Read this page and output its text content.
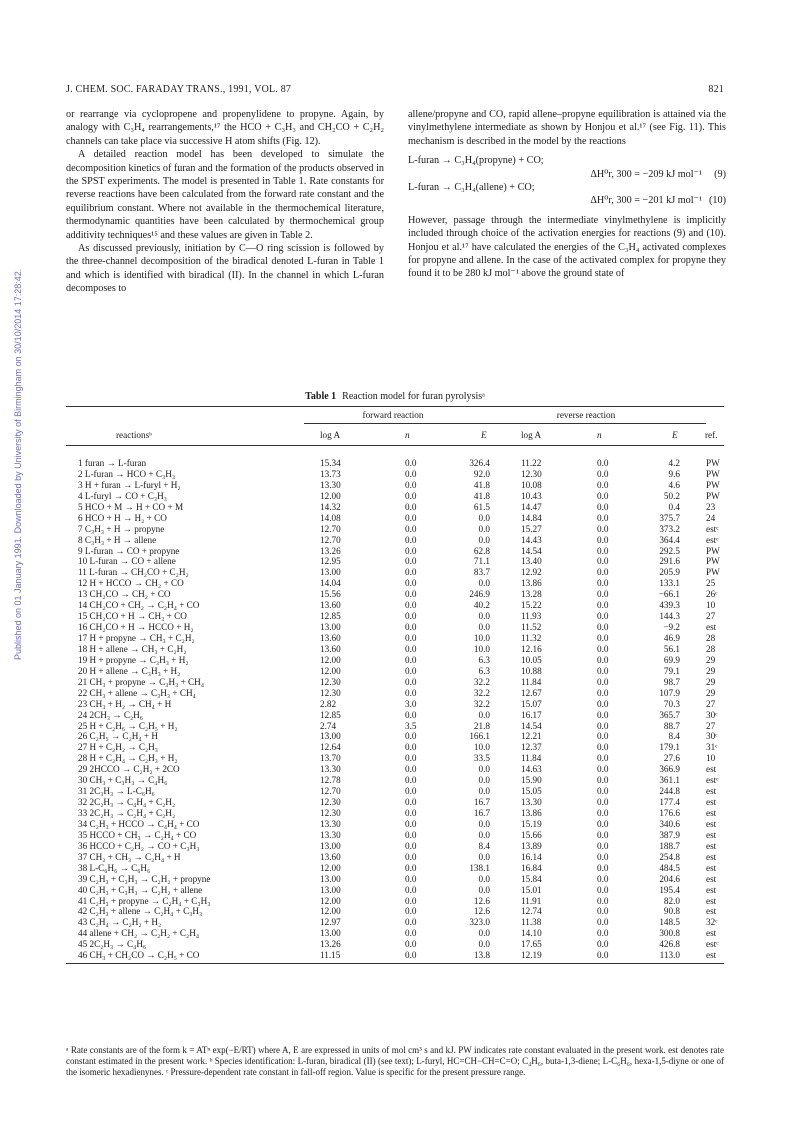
Published on 01 January 1991. Downloaded by University of Birmingham on 30/10/2014 17:28:42.
J. CHEM. SOC. FARADAY TRANS., 1991, VOL. 87	821

or rearrange via cyclopropene and propenylidene to propyne. Again, by analogy with C₃H₄ rearrangements,¹⁷ the HCO + C₃H₃ and CH₂CO + C₂H₂ channels can take place via successive H atom shifts (Fig. 12).

A detailed reaction model has been developed to simulate the decomposition kinetics of furan and the formation of the products observed in the SPST experiments. The model is presented in Table 1. Rate constants for reverse reactions have been calculated from the forward rate constant and the equilibrium constant. Where not available in the thermochemical literature, thermodynamic quantities have been calculated by thermochemical group additivity techniques¹⁵ and these values are given in Table 2.

As discussed previously, initiation by C—O ring scission is followed by the three-channel decomposition of the biradical denoted L-furan in Table 1 and which is identified with biradical (II). In the channel in which L-furan decomposes to

allene/propyne and CO, rapid allene–propyne equilibration is attained via the vinylmethylene intermediate as shown by Honjou et al.¹⁷ (see Fig. 11). This mechanism is described in the model by the reactions

L-furan → C₃H₄(propyne) + CO;

ΔH⁰r, 300 = −209 kJ mol⁻¹ (9)

L-furan → C₃H₄(allene) + CO;

ΔH⁰r, 300 = −201 kJ mol⁻¹ (10)

However, passage through the intermediate vinylmethylene is implicitly included through choice of the activation energies for reactions (9) and (10). Honjou et al.¹⁷ have calculated the energies of the C₃H₄ activated complexes for propyne and allene. In the case of the activated complex for propyne they found it to be 280 kJ mol⁻¹ above the ground state of

Table 1 Reaction model for furan pyrolysisᵃ
forward reaction	reverse reaction
reactionsᵇ	log A	n	E	log A	n	E	ref.
1 furan → L-furan	15.34	0.0	326.4	11.22	0.0	4.2	PW
2 L-furan → HCO + C₃H₃	13.73	0.0	92.0	12.30	0.0	9.6	PW
3 H + furan → L-furyl + H₂	13.30	0.0	41.8	10.08	0.0	4.6	PW
4 L-furyl → CO + C₃H₃	12.00	0.0	41.8	10.43	0.0	50.2	PW
5 HCO + M → H + CO + M	14.32	0.0	61.5	14.47	0.0	0.4	23
6 HCO + H → H₂ + CO	14.08	0.0	0.0	14.84	0.0	375.7	24
7 C₃H₃ + H → propyne	12.70	0.0	0.0	15.27	0.0	373.2	estᶜ
8 C₃H₃ + H → allene	12.70	0.0	0.0	14.43	0.0	364.4	estᶜ
9 L-furan → CO + propyne	13.26	0.0	62.8	14.54	0.0	292.5	PW
10 L-furan → CO + allene	12.95	0.0	71.1	13.40	0.0	291.6	PW
11 L-furan → CH₂CO + C₂H₂	13.00	0.0	83.7	12.92	0.0	205.9	PW
12 H + HCCO → CH₂ + CO	14.04	0.0	0.0	13.86	0.0	133.1	25
13 CH₂CO → CH₂ + CO	15.56	0.0	246.9	13.28	0.0	−66.1	26ᶜ
14 CH₂CO + CH₂ → C₂H₄ + CO	13.60	0.0	40.2	15.22	0.0	439.3	10
15 CH₂CO + H → CH₃ + CO	12.85	0.0	0.0	11.93	0.0	144.3	27
16 CH₂CO + H → HCCO + H₂	13.00	0.0	0.0	11.52	0.0	−9.2	est
17 H + propyne → CH₃ + C₂H₂	13.60	0.0	10.0	11.32	0.0	46.9	28
18 H + allene → CH₃ + C₂H₂	13.60	0.0	10.0	12.16	0.0	56.1	28
19 H + propyne → C₃H₃ + H₂	12.00	0.0	6.3	10.05	0.0	69.9	29
20 H + allene → C₃H₃ + H₂	12.00	0.0	6.3	10.88	0.0	79.1	29
21 CH₃ + propyne → C₃H₃ + CH₄	12.30	0.0	32.2	11.84	0.0	98.7	29
22 CH₃ + allene → C₃H₃ + CH₄	12.30	0.0	32.2	12.67	0.0	107.9	29
23 CH₃ + H₂ → CH₄ + H	2.82	3.0	32.2	15.07	0.0	70.3	27
24 2CH₃ → C₂H₆	12.85	0.0	0.0	16.17	0.0	365.7	30ᶜ
25 H + C₂H₆ → C₂H₅ + H₂	2.74	3.5	21.8	14.54	0.0	88.7	27
26 C₂H₅ → C₂H₄ + H	13.00	0.0	166.1	12.21	0.0	8.4	30ᶜ
27 H + C₂H₂ → C₂H₃	12.64	0.0	10.0	12.37	0.0	179.1	31ᶜ
28 H + C₂H₄ → C₂H₃ + H₂	13.70	0.0	33.5	11.84	0.0	27.6	10
29 2HCCO → C₂H₂ + 2CO	13.30	0.0	0.0	14.63	0.0	366.9	est
30 CH₃ + C₃H₃ → C₄H₆	12.78	0.0	0.0	15.90	0.0	361.1	estᶜ
31 2C₃H₃ → L-C₆H₆	12.70	0.0	0.0	15.05	0.0	244.8	est
32 2C₂H₃ → C₄H₄ + C₂H₂	12.30	0.0	16.7	13.30	0.0	177.4	est
33 2C₂H₃ → C₂H₄ + C₂H₂	12.30	0.0	16.7	13.86	0.0	176.6	est
34 C₂H₃ + HCCO → C₄H₄ + CO	13.30	0.0	0.0	15.19	0.0	340.6	est
35 HCCO + CH₃ → C₂H₄ + CO	13.30	0.0	0.0	15.66	0.0	387.9	est
36 HCCO + C₂H₂ → CO + C₃H₃	13.00	0.0	8.4	13.89	0.0	188.7	est
37 CH₂ + CH₃ → C₂H₄ + H	13.60	0.0	0.0	16.14	0.0	254.8	est
38 L-C₆H₆ → C₆H₆	12.00	0.0	138.1	16.84	0.0	484.5	est
39 C₂H₃ + C₃H₃ → C₂H₂ + propyne	13.00	0.0	0.0	15.84	0.0	204.6	est
40 C₂H₃ + C₃H₃ → C₂H₂ + allene	13.00	0.0	0.0	15.01	0.0	195.4	est
41 C₂H₃ + propyne → C₂H₄ + C₃H₃	12.00	0.0	12.6	11.91	0.0	82.0	est
42 C₂H₃ + allene → C₂H₄ + C₃H₃	12.00	0.0	12.6	12.74	0.0	90.8	est
43 C₂H₄ → C₂H₂ + H₂	12.97	0.0	323.0	11.38	0.0	148.5	32ᶜ
44 allene + CH₂ → C₂H₂ + C₂H₄	13.00	0.0	0.0	14.10	0.0	300.8	est
45 2C₂H₃ → C₄H₆	13.26	0.0	0.0	17.65	0.0	426.8	estᶜ
46 CH₃ + CH₂CO → C₂H₅ + CO	11.15	0.0	13.8	12.19	0.0	113.0	est
ᵃ Rate constants are of the form k = ATⁿ exp(−E/RT) where A, E are expressed in units of mol cm³ s and kJ. PW indicates rate constant evaluated in the present work. est denotes rate constant estimated in the present work. ᵇ Species identification: L-furan, biradical (II) (see text); L-furyl, HC=CH−CH=C=O; C₄H₆, buta-1,3-diene; L-C₆H₆, hexa-1,5-diyne or one of the isomeric hexadienynes. ᶜ Pressure-dependent rate constant in fall-off region. Value is specific for the present pressure range.
